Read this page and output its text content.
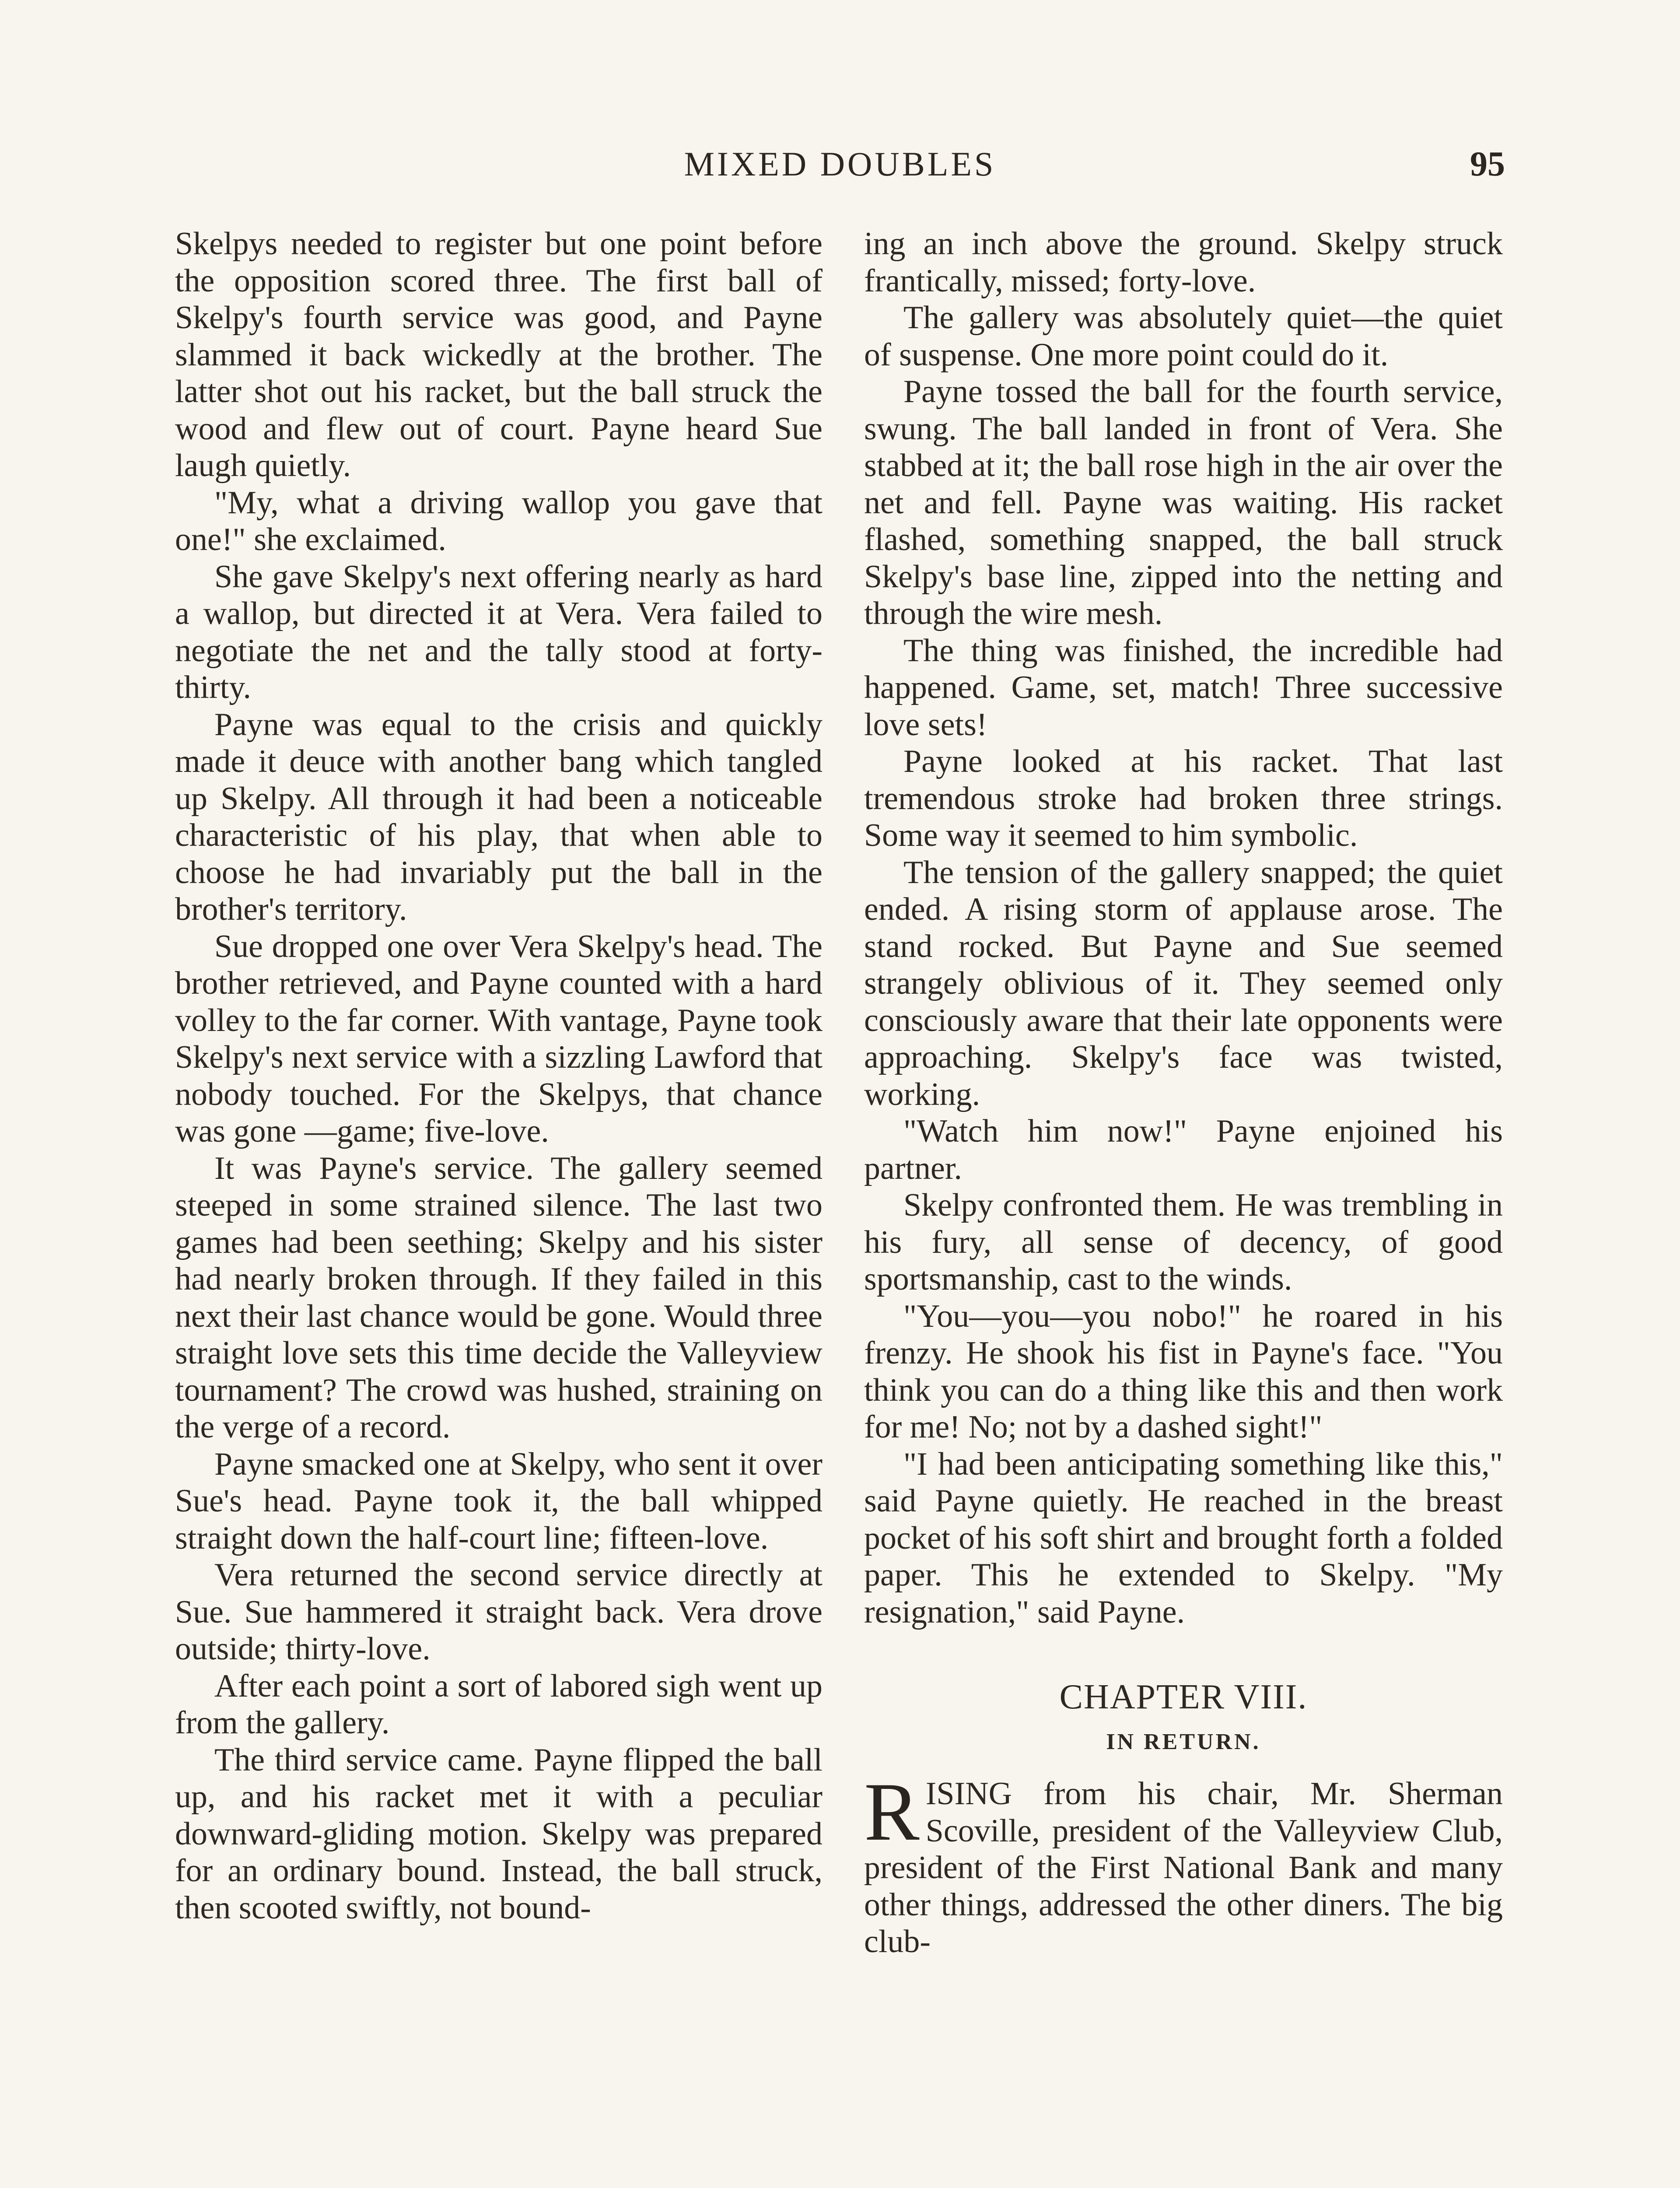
MIXED DOUBLES	95

Skelpys needed to register but one point before the opposition scored three. The first ball of Skelpy's fourth service was good, and Payne slammed it back wickedly at the brother. The latter shot out his racket, but the ball struck the wood and flew out of court. Payne heard Sue laugh quietly.

"My, what a driving wallop you gave that one!" she exclaimed.

She gave Skelpy's next offering nearly as hard a wallop, but directed it at Vera. Vera failed to negotiate the net and the tally stood at forty-thirty.

Payne was equal to the crisis and quickly made it deuce with another bang which tangled up Skelpy. All through it had been a noticeable characteristic of his play, that when able to choose he had invariably put the ball in the brother's territory.

Sue dropped one over Vera Skelpy's head. The brother retrieved, and Payne counted with a hard volley to the far corner. With vantage, Payne took Skelpy's next service with a sizzling Lawford that nobody touched. For the Skelpys, that chance was gone —game; five-love.

It was Payne's service. The gallery seemed steeped in some strained silence. The last two games had been seething; Skelpy and his sister had nearly broken through. If they failed in this next their last chance would be gone. Would three straight love sets this time decide the Valleyview tournament? The crowd was hushed, straining on the verge of a record.

Payne smacked one at Skelpy, who sent it over Sue's head. Payne took it, the ball whipped straight down the half-court line; fifteen-love.

Vera returned the second service directly at Sue. Sue hammered it straight back. Vera drove outside; thirty-love.

After each point a sort of labored sigh went up from the gallery.

The third service came. Payne flipped the ball up, and his racket met it with a peculiar downward-gliding motion. Skelpy was prepared for an ordinary bound. Instead, the ball struck, then scooted swiftly, not bound-

ing an inch above the ground. Skelpy struck frantically, missed; forty-love.

The gallery was absolutely quiet—the quiet of suspense. One more point could do it.

Payne tossed the ball for the fourth service, swung. The ball landed in front of Vera. She stabbed at it; the ball rose high in the air over the net and fell. Payne was waiting. His racket flashed, something snapped, the ball struck Skelpy's base line, zipped into the netting and through the wire mesh.

The thing was finished, the incredible had happened. Game, set, match! Three successive love sets!

Payne looked at his racket. That last tremendous stroke had broken three strings. Some way it seemed to him symbolic.

The tension of the gallery snapped; the quiet ended. A rising storm of applause arose. The stand rocked. But Payne and Sue seemed strangely oblivious of it. They seemed only consciously aware that their late opponents were approaching. Skelpy's face was twisted, working.

"Watch him now!" Payne enjoined his partner.

Skelpy confronted them. He was trembling in his fury, all sense of decency, of good sportsmanship, cast to the winds.

"You—you—you nobo!" he roared in his frenzy. He shook his fist in Payne's face. "You think you can do a thing like this and then work for me! No; not by a dashed sight!"

"I had been anticipating something like this," said Payne quietly. He reached in the breast pocket of his soft shirt and brought forth a folded paper. This he extended to Skelpy. "My resignation," said Payne.

CHAPTER VIII.
IN RETURN.

RISING from his chair, Mr. Sherman Scoville, president of the Valleyview Club, president of the First National Bank and many other things, addressed the other diners. The big club-
